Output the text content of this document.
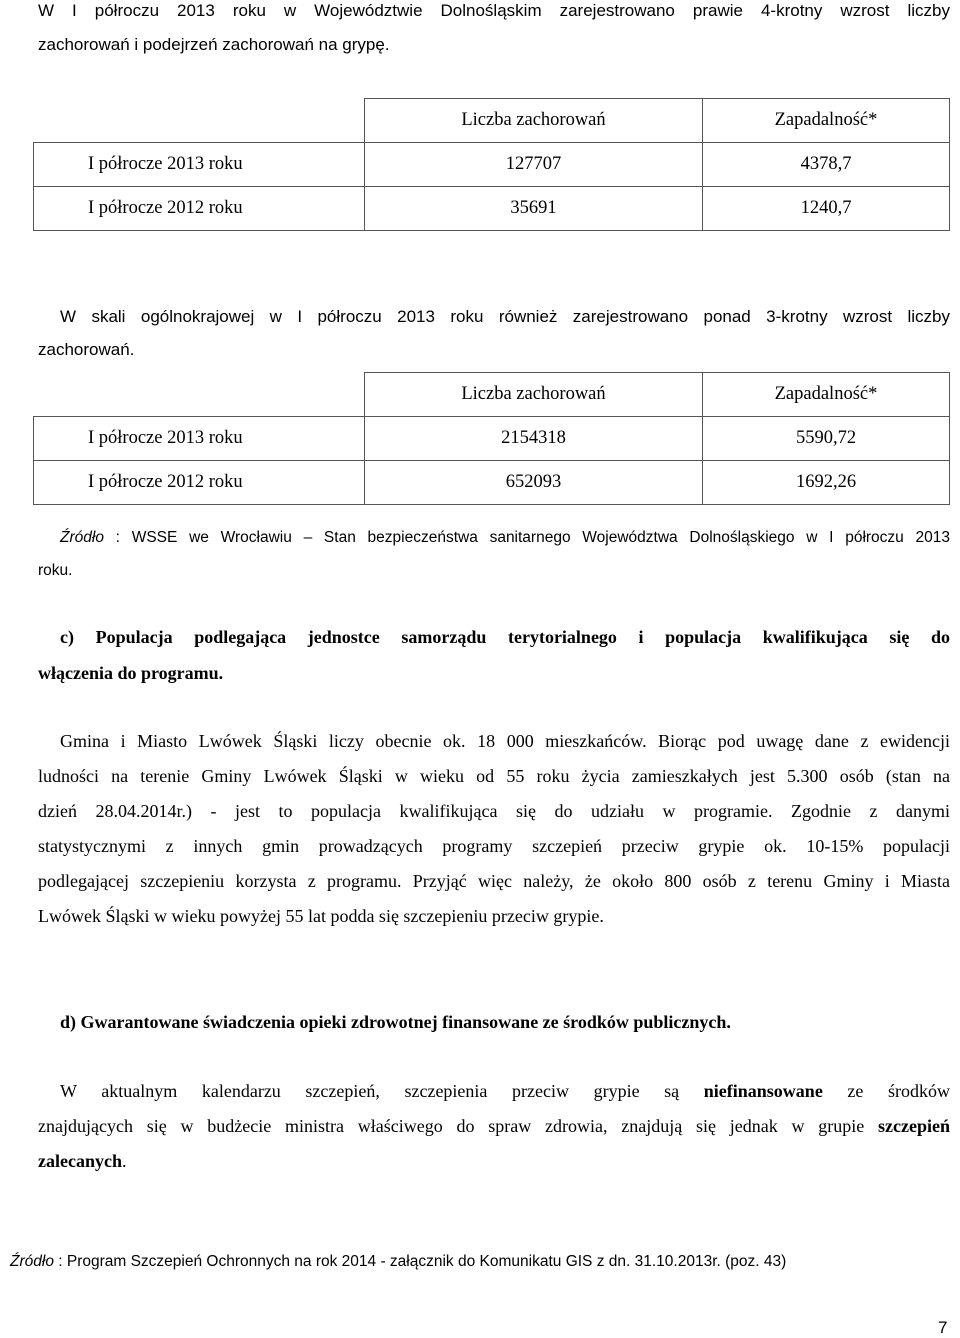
W I półroczu 2013 roku w Województwie Dolnośląskim zarejestrowano prawie 4-krotny wzrost liczby
zachorowań i podejrzeń zachorowań na grypę.
	Liczba zachorowań	Zapadalność*
I półrocze 2013 roku	127707	4378,7
I półrocze 2012 roku	35691	1240,7
W skali ogólnokrajowej w I półroczu 2013 roku również zarejestrowano ponad 3-krotny wzrost liczby
zachorowań.
	Liczba zachorowań	Zapadalność*
I półrocze 2013 roku	2154318	5590,72
I półrocze 2012 roku	652093	1692,26
Źródło : WSSE we Wrocławiu – Stan bezpieczeństwa sanitarnego Województwa Dolnośląskiego w I półroczu 2013
roku.
c) Populacja podlegająca jednostce samorządu terytorialnego i populacja kwalifikująca się do
włączenia do programu.
Gmina i Miasto Lwówek Śląski liczy obecnie ok. 18 000 mieszkańców. Biorąc pod uwagę dane z ewidencji
ludności na terenie Gminy Lwówek Śląski w wieku od 55 roku życia zamieszkałych jest 5.300 osób (stan na
dzień 28.04.2014r.) - jest to populacja kwalifikująca się do udziału w programie. Zgodnie z danymi
statystycznymi z innych gmin prowadzących programy szczepień przeciw grypie ok. 10-15% populacji
podlegającej szczepieniu korzysta z programu. Przyjąć więc należy, że około 800 osób z terenu Gminy i Miasta
Lwówek Śląski w wieku powyżej 55 lat podda się szczepieniu przeciw grypie.
d) Gwarantowane świadczenia opieki zdrowotnej finansowane ze środków publicznych.
W aktualnym kalendarzu szczepień, szczepienia przeciw grypie są niefinansowane ze środków
znajdujących się w budżecie ministra właściwego do spraw zdrowia, znajdują się jednak w grupie szczepień
zalecanych.
Źródło : Program Szczepień Ochronnych na rok 2014 - załącznik do Komunikatu GIS z dn. 31.10.2013r. (poz. 43)
7
